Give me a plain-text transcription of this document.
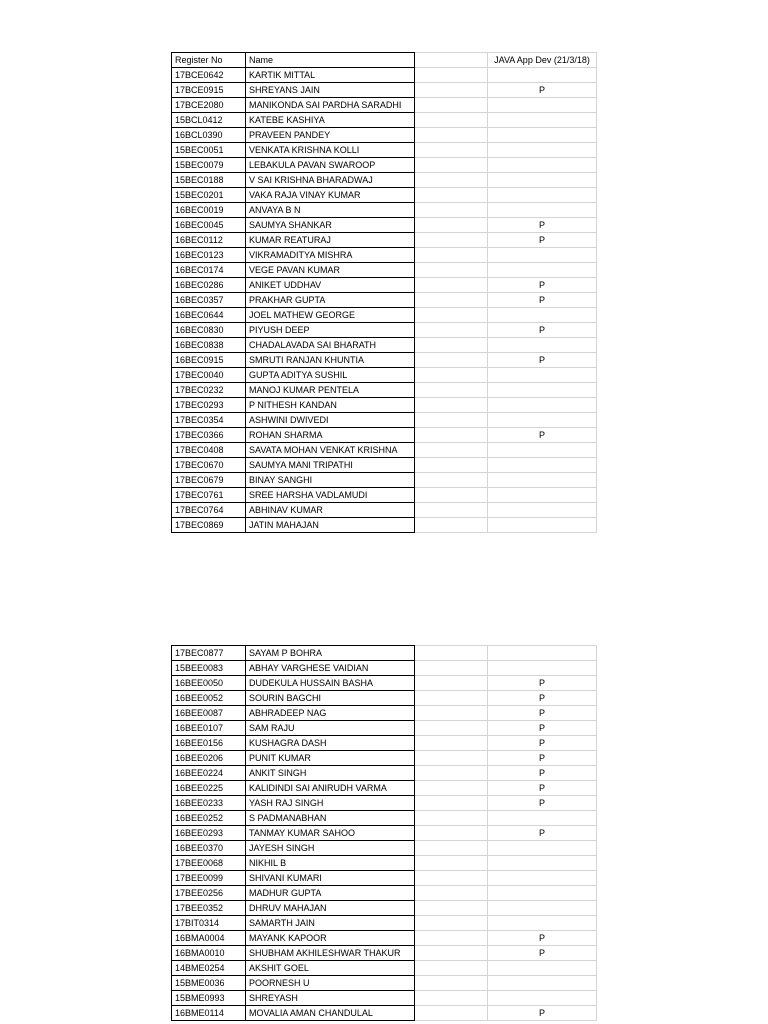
Register No	Name		JAVA App Dev (21/3/18)
17BCE0642	KARTIK MITTAL		
17BCE0915	SHREYANS JAIN		P
17BCE2080	MANIKONDA SAI PARDHA SARADHI		
15BCL0412	KATEBE KASHIYA		
16BCL0390	PRAVEEN PANDEY		
15BEC0051	VENKATA KRISHNA KOLLI		
15BEC0079	LEBAKULA PAVAN SWAROOP		
15BEC0188	V SAI KRISHNA BHARADWAJ		
15BEC0201	VAKA RAJA VINAY KUMAR		
16BEC0019	ANVAYA B N		
16BEC0045	SAUMYA SHANKAR		P
16BEC0112	KUMAR REATURAJ		P
16BEC0123	VIKRAMADITYA MISHRA		
16BEC0174	VEGE PAVAN KUMAR		
16BEC0286	ANIKET UDDHAV		P
16BEC0357	PRAKHAR GUPTA		P
16BEC0644	JOEL MATHEW GEORGE		
16BEC0830	PIYUSH DEEP		P
16BEC0838	CHADALAVADA SAI BHARATH		
16BEC0915	SMRUTI RANJAN KHUNTIA		P
17BEC0040	GUPTA ADITYA SUSHIL		
17BEC0232	MANOJ KUMAR PENTELA		
17BEC0293	P NITHESH KANDAN		
17BEC0354	ASHWINI DWIVEDI		
17BEC0366	ROHAN SHARMA		P
17BEC0408	SAVATA MOHAN VENKAT KRISHNA		
17BEC0670	SAUMYA MANI TRIPATHI		
17BEC0679	BINAY SANGHI		
17BEC0761	SREE HARSHA VADLAMUDI		
17BEC0764	ABHINAV KUMAR		
17BEC0869	JATIN MAHAJAN		
17BEC0877	SAYAM P BOHRA		
15BEE0083	ABHAY VARGHESE VAIDIAN		
16BEE0050	DUDEKULA HUSSAIN BASHA		P
16BEE0052	SOURIN BAGCHI		P
16BEE0087	ABHRADEEP NAG		P
16BEE0107	SAM RAJU		P
16BEE0156	KUSHAGRA DASH		P
16BEE0206	PUNIT KUMAR		P
16BEE0224	ANKIT SINGH		P
16BEE0225	KALIDINDI SAI ANIRUDH VARMA		P
16BEE0233	YASH RAJ SINGH		P
16BEE0252	S PADMANABHAN		
16BEE0293	TANMAY KUMAR SAHOO		P
16BEE0370	JAYESH SINGH		
17BEE0068	NIKHIL B		
17BEE0099	SHIVANI KUMARI		
17BEE0256	MADHUR GUPTA		
17BEE0352	DHRUV MAHAJAN		
17BIT0314	SAMARTH JAIN		
16BMA0004	MAYANK KAPOOR		P
16BMA0010	SHUBHAM AKHILESHWAR THAKUR		P
14BME0254	AKSHIT GOEL		
15BME0036	POORNESH U		
15BME0993	SHREYASH		
16BME0114	MOVALIA AMAN CHANDULAL		P
